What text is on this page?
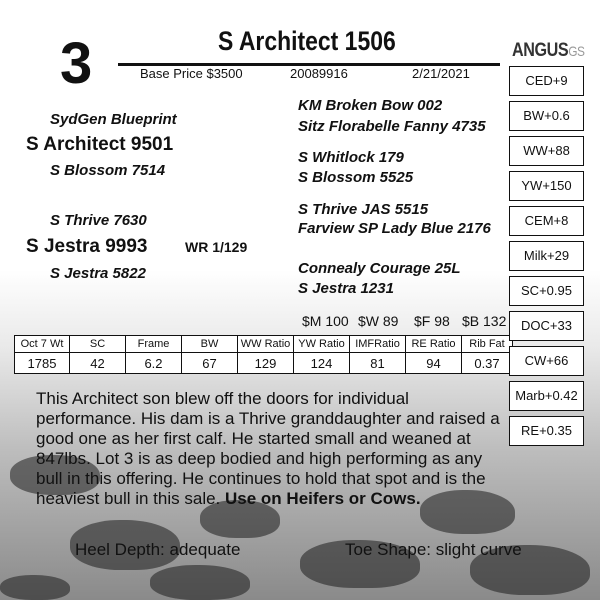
3	S Architect 1506
Base Price $3500	20089916	2/21/2021
ANGUSGS
SydGen Blueprint
S Architect 9501
S Blossom 7514
KM Broken Bow 002
Sitz Florabelle Fanny 4735
S Whitlock 179
S Blossom 5525
S Thrive 7630
S Jestra 9993	WR 1/129
S Jestra 5822
S Thrive JAS 5515
Farview SP Lady Blue 2176
Connealy Courage 25L
S Jestra 1231
$M 100 $W 89 $F 98 $B 132
Oct 7 Wt	SC	Frame	BW	WW Ratio	YW Ratio	IMFRatio	RE Ratio	Rib Fat
1785	42	6.2	67	129	124	81	94	0.37
CED+9
BW+0.6
WW+88
YW+150
CEM+8
Milk+29
SC+0.95
DOC+33
CW+66
Marb+0.42
RE+0.35
This Architect son blew off the doors for individual performance. His dam is a Thrive granddaughter and raised a good one as her first calf. He started small and weaned at 847lbs. Lot 3 is as deep bodied and high performing as any bull in this offering. He continues to hold that spot and is the heaviest bull in this sale. Use on Heifers or Cows.
Heel Depth: adequate	Toe Shape: slight curve
